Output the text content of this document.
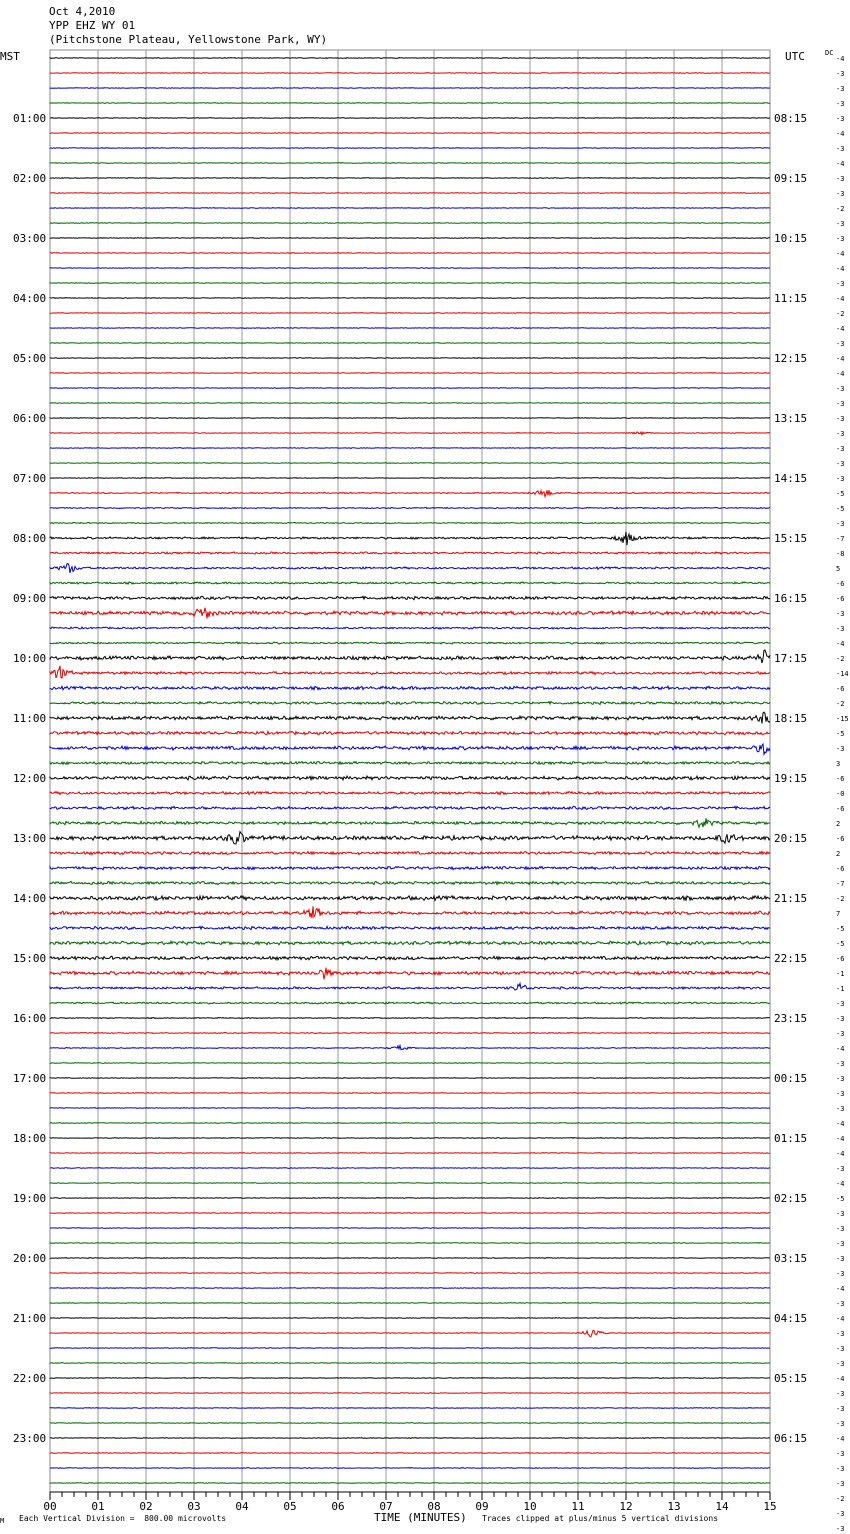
Oct 4,2010
YPP EHZ WY 01
(Pitchstone Plateau, Yellowstone Park, WY)
MST	UTC	DC
-4
-3
-3
-3
-3
-4
-3
-4
-3
-3
-2
-3
-3
-4
-4
-3
-4
-2
-4
-3
-4
-4
-3
-3
-3
-3
-3
-3
-3
-5
-5
-3
-7
-8
5
-6
-6
-3
-3
-4
-2
-14
-6
-2
-15
-5
-3
3
-6
-0
-6
2
-6
2
-6
-7
-2
7
-5
-5
-6
-1
-1
-3
-3
-3
-4
-3
-3
-3
-3
-4
-4
-4
-3
-4
-5
-3
-3
-3
-3
-3
-4
-3
-4
-3
-3
-3
-4
-3
-3
-3
-4
-3
-3
-3
-2
-3
-3
01:00
02:00
03:00
04:00
05:00
06:00
07:00
08:00
09:00
10:00
11:00
12:00
13:00
14:00
15:00
16:00
17:00
18:00
19:00
20:00
21:00
22:00
23:00
08:15
09:15
10:15
11:15
12:15
13:15
14:15
15:15
16:15
17:15
18:15
19:15
20:15
21:15
22:15
23:15
00:15
01:15
02:15
03:15
04:15
05:15
06:15
00	01	02	03	04	05	06	07	08	09	10	11	12	13	14	15
M Each Vertical Division =  800.00 microvolts	TIME (MINUTES) Traces clipped at plus/minus 5 vertical divisions
